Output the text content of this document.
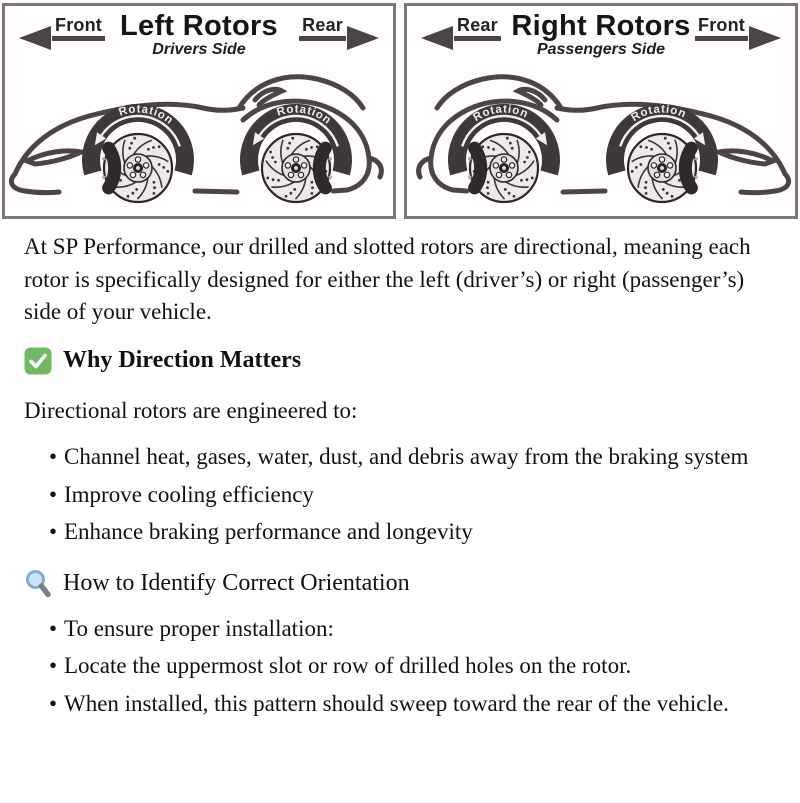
Front	Rear
Left Rotors
Drivers Side
Rotation
Rotation
Rear	Front
Right Rotors
Passengers Side
Rotation
Rotation

At SP Performance, our drilled and slotted rotors are directional, meaning each rotor is specifically designed for either the left (driver’s) or right (passenger’s) side of your vehicle.

Why Direction Matters

Directional rotors are engineered to:

• Channel heat, gases, water, dust, and debris away from the braking system
• Improve cooling efficiency
• Enhance braking performance and longevity
How to Identify Correct Orientation
• To ensure proper installation:
• Locate the uppermost slot or row of drilled holes on the rotor.
• When installed, this pattern should sweep toward the rear of the vehicle.
